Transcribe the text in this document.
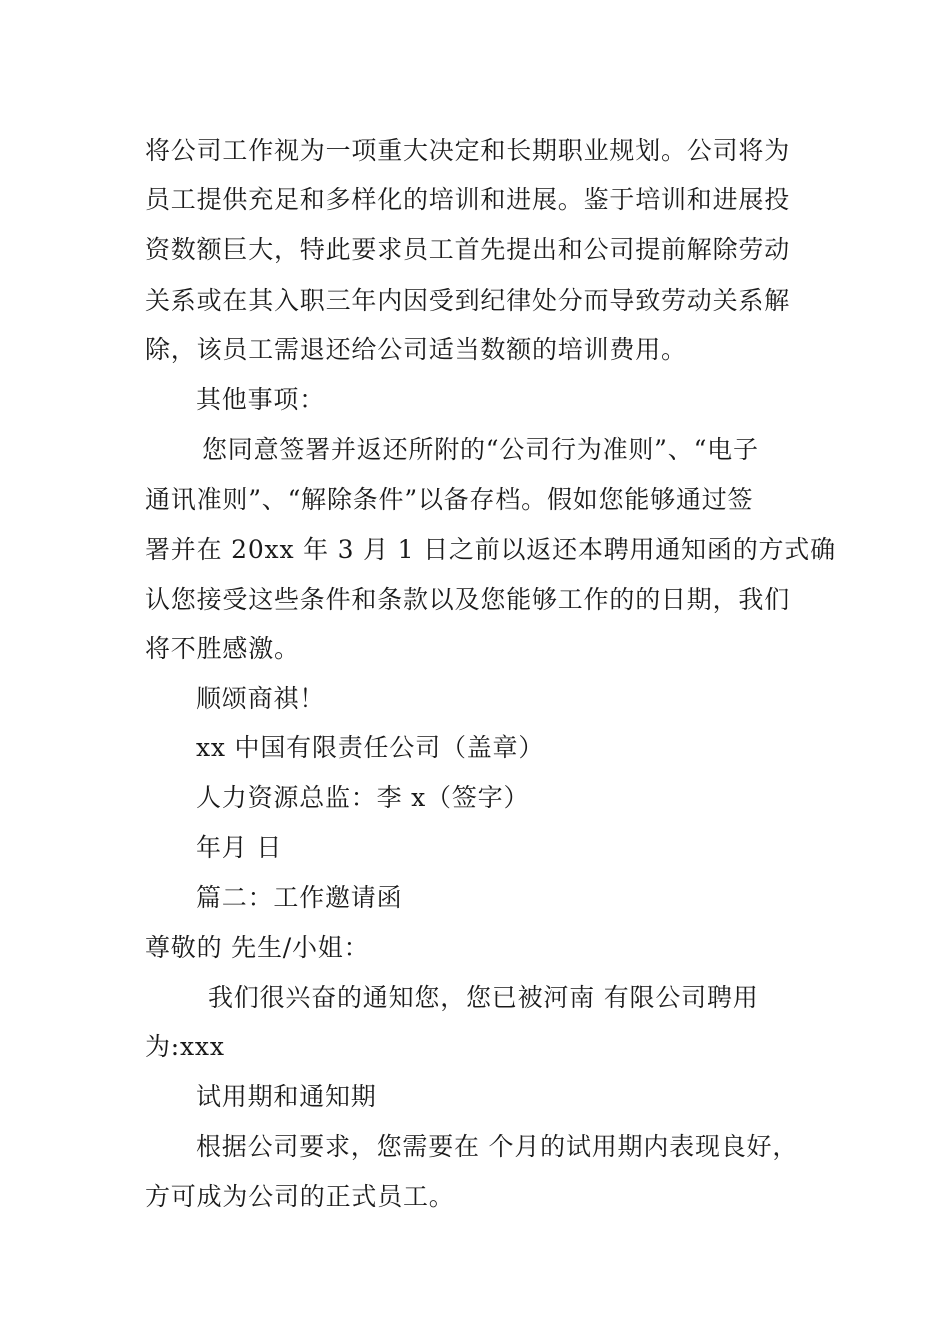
将公司工作视为一项重大决定和长期职业规划。公司将为
员工提供充足和多样化的培训和进展。鉴于培训和进展投
资数额巨大，特此要求员工首先提出和公司提前解除劳动
关系或在其入职三年内因受到纪律处分而导致劳动关系解
除，该员工需退还给公司适当数额的培训费用。
其他事项：
您同意签署并返还所附的“公司行为准则”、“电子
通讯准则”、“解除条件”以备存档。假如您能够通过签
署并在 20xx 年 3 月 1 日之前以返还本聘用通知函的方式确
认您接受这些条件和条款以及您能够工作的的日期，我们
将不胜感激。
顺颂商祺！
xx 中国有限责任公司（盖章）
人力资源总监：李 x（签字）
年月 日
篇二：工作邀请函
尊敬的 先生/小姐：
我们很兴奋的通知您，您已被河南 有限公司聘用
为:xxx
试用期和通知期
根据公司要求，您需要在 个月的试用期内表现良好，
方可成为公司的正式员工。
